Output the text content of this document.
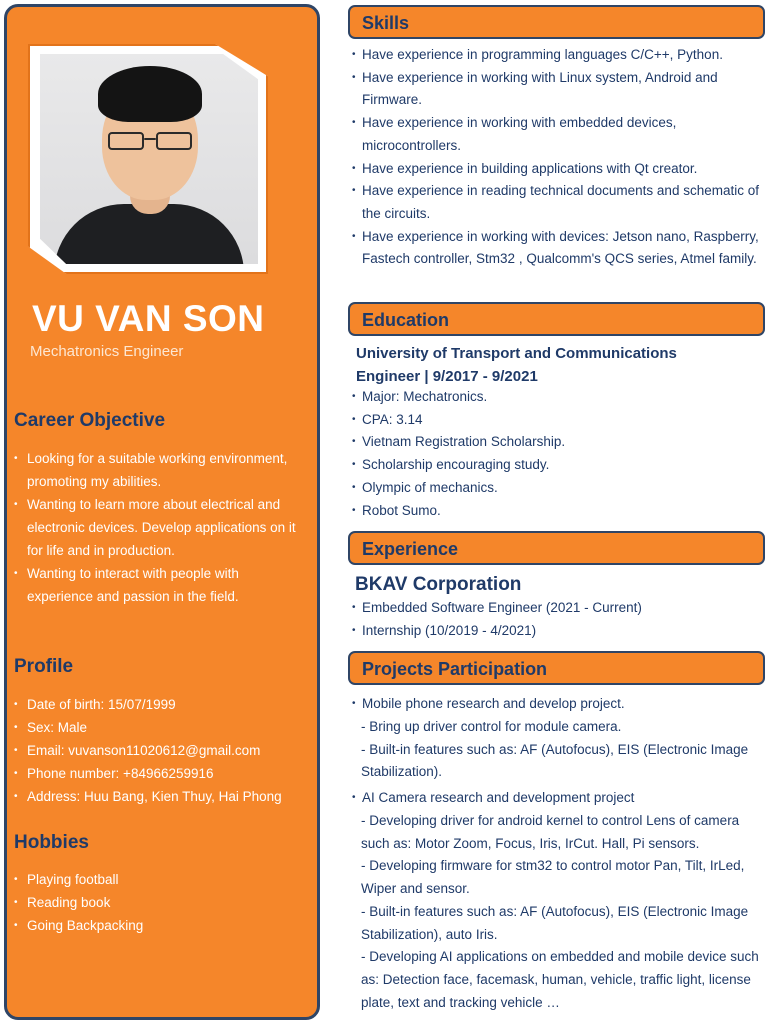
VU VAN SON
Mechatronics Engineer
Career Objective
• Looking for a suitable working environment, promoting my abilities.
• Wanting to learn more about electrical and electronic devices. Develop applications on it for life and in production.
• Wanting to interact with people with experience and passion in the field.
Profile
• Date of birth: 15/07/1999
• Sex: Male
• Email: vuvanson11020612@gmail.com
• Phone number: +84966259916
• Address: Huu Bang, Kien Thuy, Hai Phong
Hobbies
• Playing football
• Reading book
• Going Backpacking
Skills
• Have experience in programming languages C/C++, Python.
• Have experience in working with Linux system, Android and Firmware.
• Have experience in working with embedded devices, microcontrollers.
• Have experience in building applications with Qt creator.
• Have experience in reading technical documents and schematic of the circuits.
• Have experience in working with devices: Jetson nano, Raspberry, Fastech controller, Stm32 , Qualcomm's QCS series, Atmel family.
Education
University of Transport and Communications
Engineer | 9/2017 - 9/2021
• Major: Mechatronics.
• CPA: 3.14
• Vietnam Registration Scholarship.
• Scholarship encouraging study.
• Olympic of mechanics.
• Robot Sumo.
Experience
BKAV Corporation
• Embedded Software Engineer (2021 - Current)
• Internship (10/2019 - 4/2021)
Projects Participation
• Mobile phone research and develop project.
- Bring up driver control for module camera.
- Built-in features such as: AF (Autofocus), EIS (Electronic Image Stabilization).
• AI Camera research and development project
- Developing driver for android kernel to control Lens of camera such as: Motor Zoom, Focus, Iris, IrCut. Hall, Pi sensors.
- Developing firmware for stm32 to control motor Pan, Tilt, IrLed, Wiper and sensor.
- Built-in features such as: AF (Autofocus), EIS (Electronic Image Stabilization), auto Iris.
- Developing AI applications on embedded and mobile device such as: Detection face, facemask, human, vehicle, traffic light, license plate, text and tracking vehicle …
